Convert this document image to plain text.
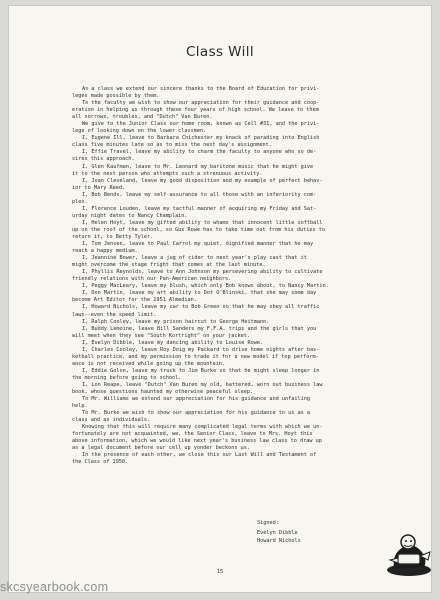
Class Will

As a class we extend our sincere thanks to the Board of Education for privi-
leges made possible by them.

To the faculty we wish to show our appreciation for their guidance and coop-
eration in helping us through these four years of high school. We leave to them
all sorrows, troubles, and "Dutch" Van Buren.

We give to the Junior Class our home room, known as Cell #31, and the privi-
lege of looking down on the lower classmen.

I, Eugene Ill, leave to Barbara Chichester my knack of parading into English
class five minutes late so as to miss the next day's assignment.

I, Effie Travel, leave my ability to charm the faculty to anyone who so de-
sires this approach.

I, Glen Kaufman, leave to Mr. Leonard my baritone music that he might give
it to the next person who attempts such a strenuous activity.

I, Joan Cleveland, leave my good disposition and my example of perfect behav-
ior to Mary Reed.

I, Bob Bends, leave my self-assurance to all those with an inferiority com-
plex.

I, Florence Louden, leave my tactful manner of acquiring my Friday and Sat-
urday night dates to Nancy Champlain.

I, Helen Hoyt, leave my gifted ability to whams that innocent little softball
up on the roof of the school, so Gus Rowe has to take time out from his duties to
return it, to Betty Tyler.

I, Tom Jensen, leave to Paul Carrol my quiet, dignified manner that he may
reach a happy medium.

I, Jeannine Bower, leave a jug of cider to next year's play cast that it
might overcome the stage fright that comes at the last minute.

I, Phyllis Reynolds, leave to Ann Johnson my persevering ability to cultivate
friendly relations with our Pan-American neighbors.

I, Peggy MacLeary, leave my blush, which only Bob knows about, to Nancy Martin.

I, Don Martin, leave my art ability to Dot O'Blinski, that she may some day
become Art Editor for the 1951 Almedian.

I, Howard Nichols, leave my car to Bob Green so that he may obey all traffic
laws--even the speed limit.

I, Ralph Cooley, leave my prison haircut to George Heitmann.

I, Buddy Lemoine, leave Bill Sanders my F.F.A. trips and the girls that you
will meet when they see "South Kortright" on your jacket.

I, Evelyn Dibble, leave my dancing ability to Louise Rowe.

I, Charles Cooley, leave Roy Doig my Packard to drive home nights after bas-
ketball practice, and my permission to trade it for a new model if top perform-
ance is not received while going up the mountain.

I, Eddie Golon, leave my truck to Jim Burke so that he might sleep longer in
the morning before going to school.

I, Lon Reape, leave "Dutch" Van Buren my old, battered, worn out business law
book, whose questions haunted my otherwise peaceful sleep.

To Mr. Williams we extend our appreciation for his guidance and unfailing
help.

To Mr. Burke we wish to show our appreciation for his guidance to us as a
class and as individuals.

Knowing that this will require many complicated legal terms with which we un-
fortunately are not acquainted, we, the Senior Class, leave to Mrs. Hoyt this
above information, which we would like next year's business law class to draw up
as a legal document before our cell up yonder beckons us.

In the presence of each other, we close this our Last Will and Testament of
the Class of 1950.

Signed:
Evelyn Dibble
Howard Nichols
15
skcsyearbook.com
